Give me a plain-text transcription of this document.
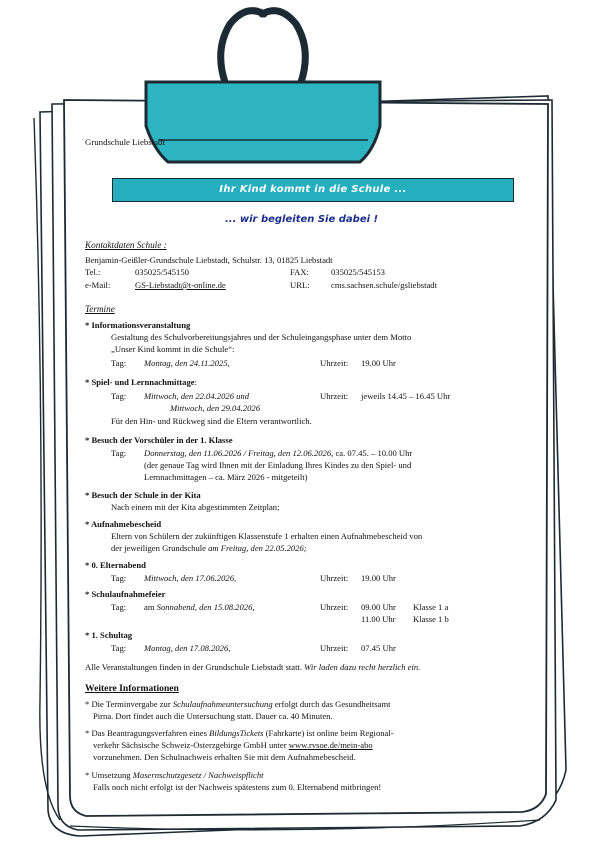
Grundschule Liebstadt
Ihr Kind kommt in die Schule ...
... wir begleiten Sie dabei !
Kontaktdaten Schule :
Benjamin-Geißler-Grundschule Liebstadt, Schulstr. 13, 01825 Liebstadt
Tel.:	035025/545150	FAX:	035025/545153
e-Mail:	GS-Liebstadt@t-online.de	URL: cms.sachsen.schule/gsliebstadt
Termine
* Informationsveranstaltung
Gestaltung des Schulvorbereitungsjahres und der Schuleingangsphase unter dem Motto
„Unser Kind kommt in die Schule“:
Tag: Montag, den 24.11.2025,	Uhrzeit: 19.00 Uhr
* Spiel- und Lernnachmittage:
Tag: Mittwoch, den 22.04.2026 und
Mittwoch, den 29.04.2026
Uhrzeit: jeweils 14.45 – 16.45 Uhr
Für den Hin- und Rückweg sind die Eltern verantwortlich.
* Besuch der Vorschüler in der 1. Klasse
Tag: Donnerstag, den 11.06.2026 / Freitag, den 12.06.2026, ca. 07.45. – 10.00 Uhr
(der genaue Tag wird Ihnen mit der Einladung Ihres Kindes zu den Spiel- und
Lernnachmittagen – ca. März 2026 - mitgeteilt)
* Besuch der Schule in der Kita
Nach einem mit der Kita abgestimmten Zeitplan;
* Aufnahmebescheid
Eltern von Schülern der zukünftigen Klassenstufe 1 erhalten einen Aufnahmebescheid von
der jeweiligen Grundschule am Freitag, den 22.05.2026;
* 0. Elternabend
Tag: Mittwoch, den 17.06.2026,	Uhrzeit: 19.00 Uhr
* Schulaufnahmefeier
Tag: am Sonnabend, den 15.08.2026,	Uhrzeit: 09.00 Uhr Klasse 1 a
11.00 Uhr Klasse 1 b
* 1. Schultag
Tag: Montag, den 17.08.2026,	Uhrzeit: 07.45 Uhr
Alle Veranstaltungen finden in der Grundschule Liebstadt statt. Wir laden dazu recht herzlich ein.
Weitere Informationen
* Die Terminvergabe zur Schulaufnahmeuntersuchung erfolgt durch das Gesundheitsamt
Pirna. Dort findet auch die Untersuchung statt. Dauer ca. 40 Minuten.
* Das Beantragungsverfahren eines BildungsTickets (Fahrkarte) ist online beim Regional-
verkehr Sächsische Schweiz-Osterzgebirge GmbH unter www.rvsoe.de/mein-abo
vorzunehmen. Den Schulnachweis erhalten Sie mit dem Aufnahmebescheid.
* Umsetzung Masernschutzgesetz / Nachweispflicht
Falls noch nicht erfolgt ist der Nachweis spätestens zum 0. Elternabend mitbringen!
